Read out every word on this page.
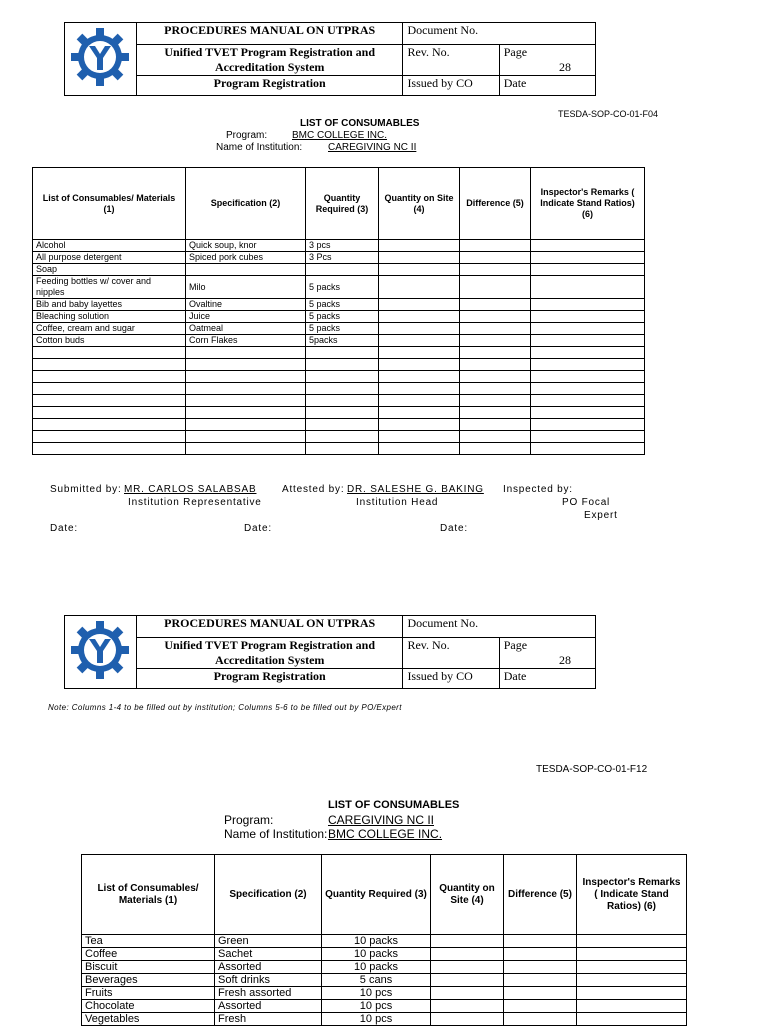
	PROCEDURES MANUAL ON UTPRAS	Document No.	
	Unified TVET Program Registration and Accreditation System	Rev. No.	Page
28

	Program Registration	Issued by CO	Date
TESDA-SOP-CO-01-F04
LIST OF CONSUMABLES
Program: BMC COLLEGE INC.
Name of Institution:	CAREGIVING NC II
List of Consumables/ Materials (1)	Specification (2)	Quantity Required (3)	Quantity on Site (4)	Difference (5)	Inspector's Remarks ( Indicate Stand Ratios) (6)
Alcohol	Quick soup, knor	3 pcs			
All purpose detergent	Spiced pork cubes	3 Pcs			
Soap					
Feeding bottles w/ cover and nipples	Milo	5 packs			
Bib and baby layettes	Ovaltine	5 packs			
Bleaching solution	Juice	5 packs			
Coffee, cream and sugar	Oatmeal	5 packs			
Cotton buds	Corn Flakes	5packs			

Submitted by: MR. CARLOS SALABSAB
Institution Representative
Attested by: DR. SALESHE G. BAKING
Institution Head
Inspected by:
PO Focal
Expert
Date:	Date:	Date:
	PROCEDURES MANUAL ON UTPRAS	Document No.	
	Unified TVET Program Registration and Accreditation System	Rev. No.	Page
28

	Program Registration	Issued by CO	Date
Note: Columns 1-4 to be filled out by institution; Columns 5-6 to be filled out by PO/Expert
TESDA-SOP-CO-01-F12
LIST OF CONSUMABLES
Program:	CAREGIVING NC II
Name of Institution: BMC COLLEGE INC.
List of Consumables/ Materials (1)	Specification (2)	Quantity Required (3)	Quantity on Site (4)	Difference (5)	Inspector's Remarks ( Indicate Stand Ratios) (6)
Tea	Green	10 packs			
Coffee	Sachet	10 packs			
Biscuit	Assorted	10 packs			
Beverages	Soft drinks	5 cans			
Fruits	Fresh assorted	10 pcs			
Chocolate	Assorted	10 pcs			
Vegetables	Fresh	10 pcs			
